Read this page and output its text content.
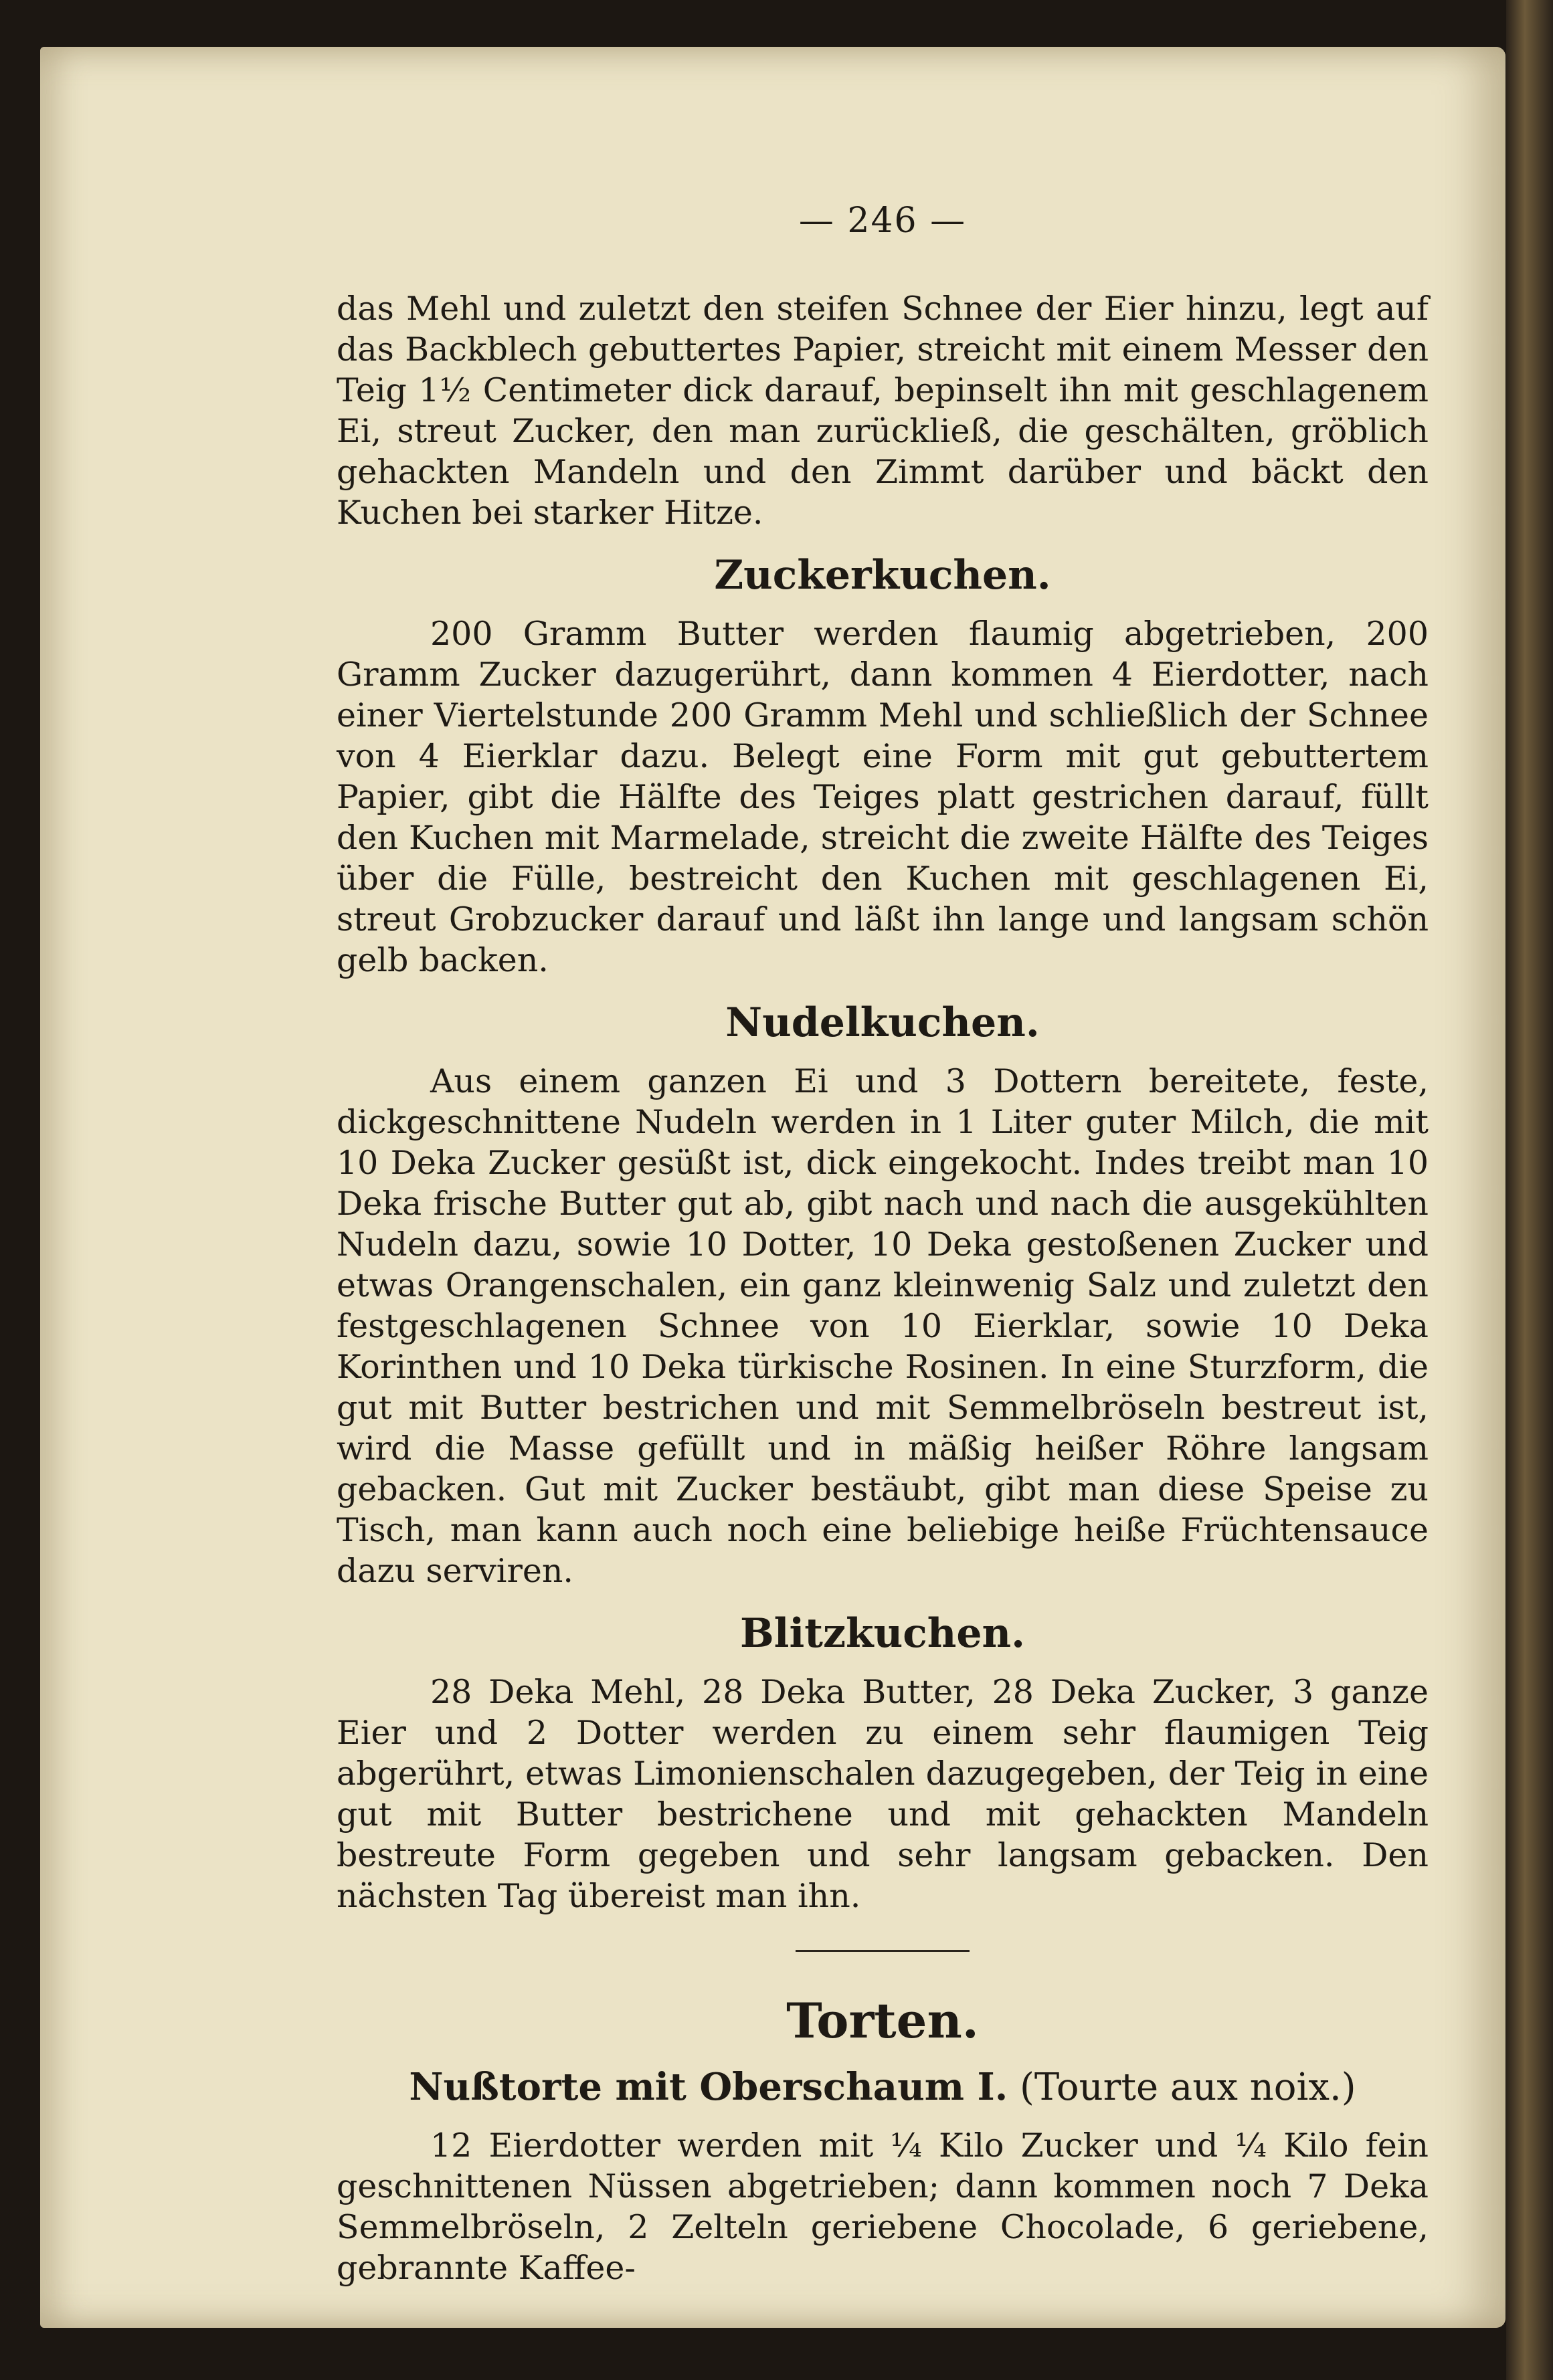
— 246 —

das Mehl und zuletzt den steifen Schnee der Eier hinzu, legt auf das Backblech gebuttertes Papier, streicht mit einem Messer den Teig 1½ Centimeter dick darauf, bepinselt ihn mit geschlagenem Ei, streut Zucker, den man zurückließ, die geschälten, gröblich gehackten Mandeln und den Zimmt darüber und bäckt den Kuchen bei starker Hitze.

Zuckerkuchen.

200 Gramm Butter werden flaumig abgetrieben, 200 Gramm Zucker dazugerührt, dann kommen 4 Eierdotter, nach einer Viertelstunde 200 Gramm Mehl und schließlich der Schnee von 4 Eierklar dazu. Belegt eine Form mit gut gebuttertem Papier, gibt die Hälfte des Teiges platt gestrichen darauf, füllt den Kuchen mit Marmelade, streicht die zweite Hälfte des Teiges über die Fülle, bestreicht den Kuchen mit geschlagenen Ei, streut Grobzucker darauf und läßt ihn lange und langsam schön gelb backen.

Nudelkuchen.

Aus einem ganzen Ei und 3 Dottern bereitete, feste, dickgeschnittene Nudeln werden in 1 Liter guter Milch, die mit 10 Deka Zucker gesüßt ist, dick eingekocht. Indes treibt man 10 Deka frische Butter gut ab, gibt nach und nach die ausgekühlten Nudeln dazu, sowie 10 Dotter, 10 Deka gestoßenen Zucker und etwas Orangenschalen, ein ganz kleinwenig Salz und zuletzt den festgeschlagenen Schnee von 10 Eierklar, sowie 10 Deka Korinthen und 10 Deka türkische Rosinen. In eine Sturzform, die gut mit Butter bestrichen und mit Semmelbröseln bestreut ist, wird die Masse gefüllt und in mäßig heißer Röhre langsam gebacken. Gut mit Zucker bestäubt, gibt man diese Speise zu Tisch, man kann auch noch eine beliebige heiße Früchtensauce dazu serviren.

Blitzkuchen.

28 Deka Mehl, 28 Deka Butter, 28 Deka Zucker, 3 ganze Eier und 2 Dotter werden zu einem sehr flaumigen Teig abgerührt, etwas Limonienschalen dazugegeben, der Teig in eine gut mit Butter bestrichene und mit gehackten Mandeln bestreute Form gegeben und sehr langsam gebacken. Den nächsten Tag übereist man ihn.

Torten.
Nußtorte mit Oberschaum I. (Tourte aux noix.)

12 Eierdotter werden mit ¼ Kilo Zucker und ¼ Kilo fein geschnittenen Nüssen abgetrieben; dann kommen noch 7 Deka Semmelbröseln, 2 Zelteln geriebene Chocolade, 6 geriebene, gebrannte Kaffee-
